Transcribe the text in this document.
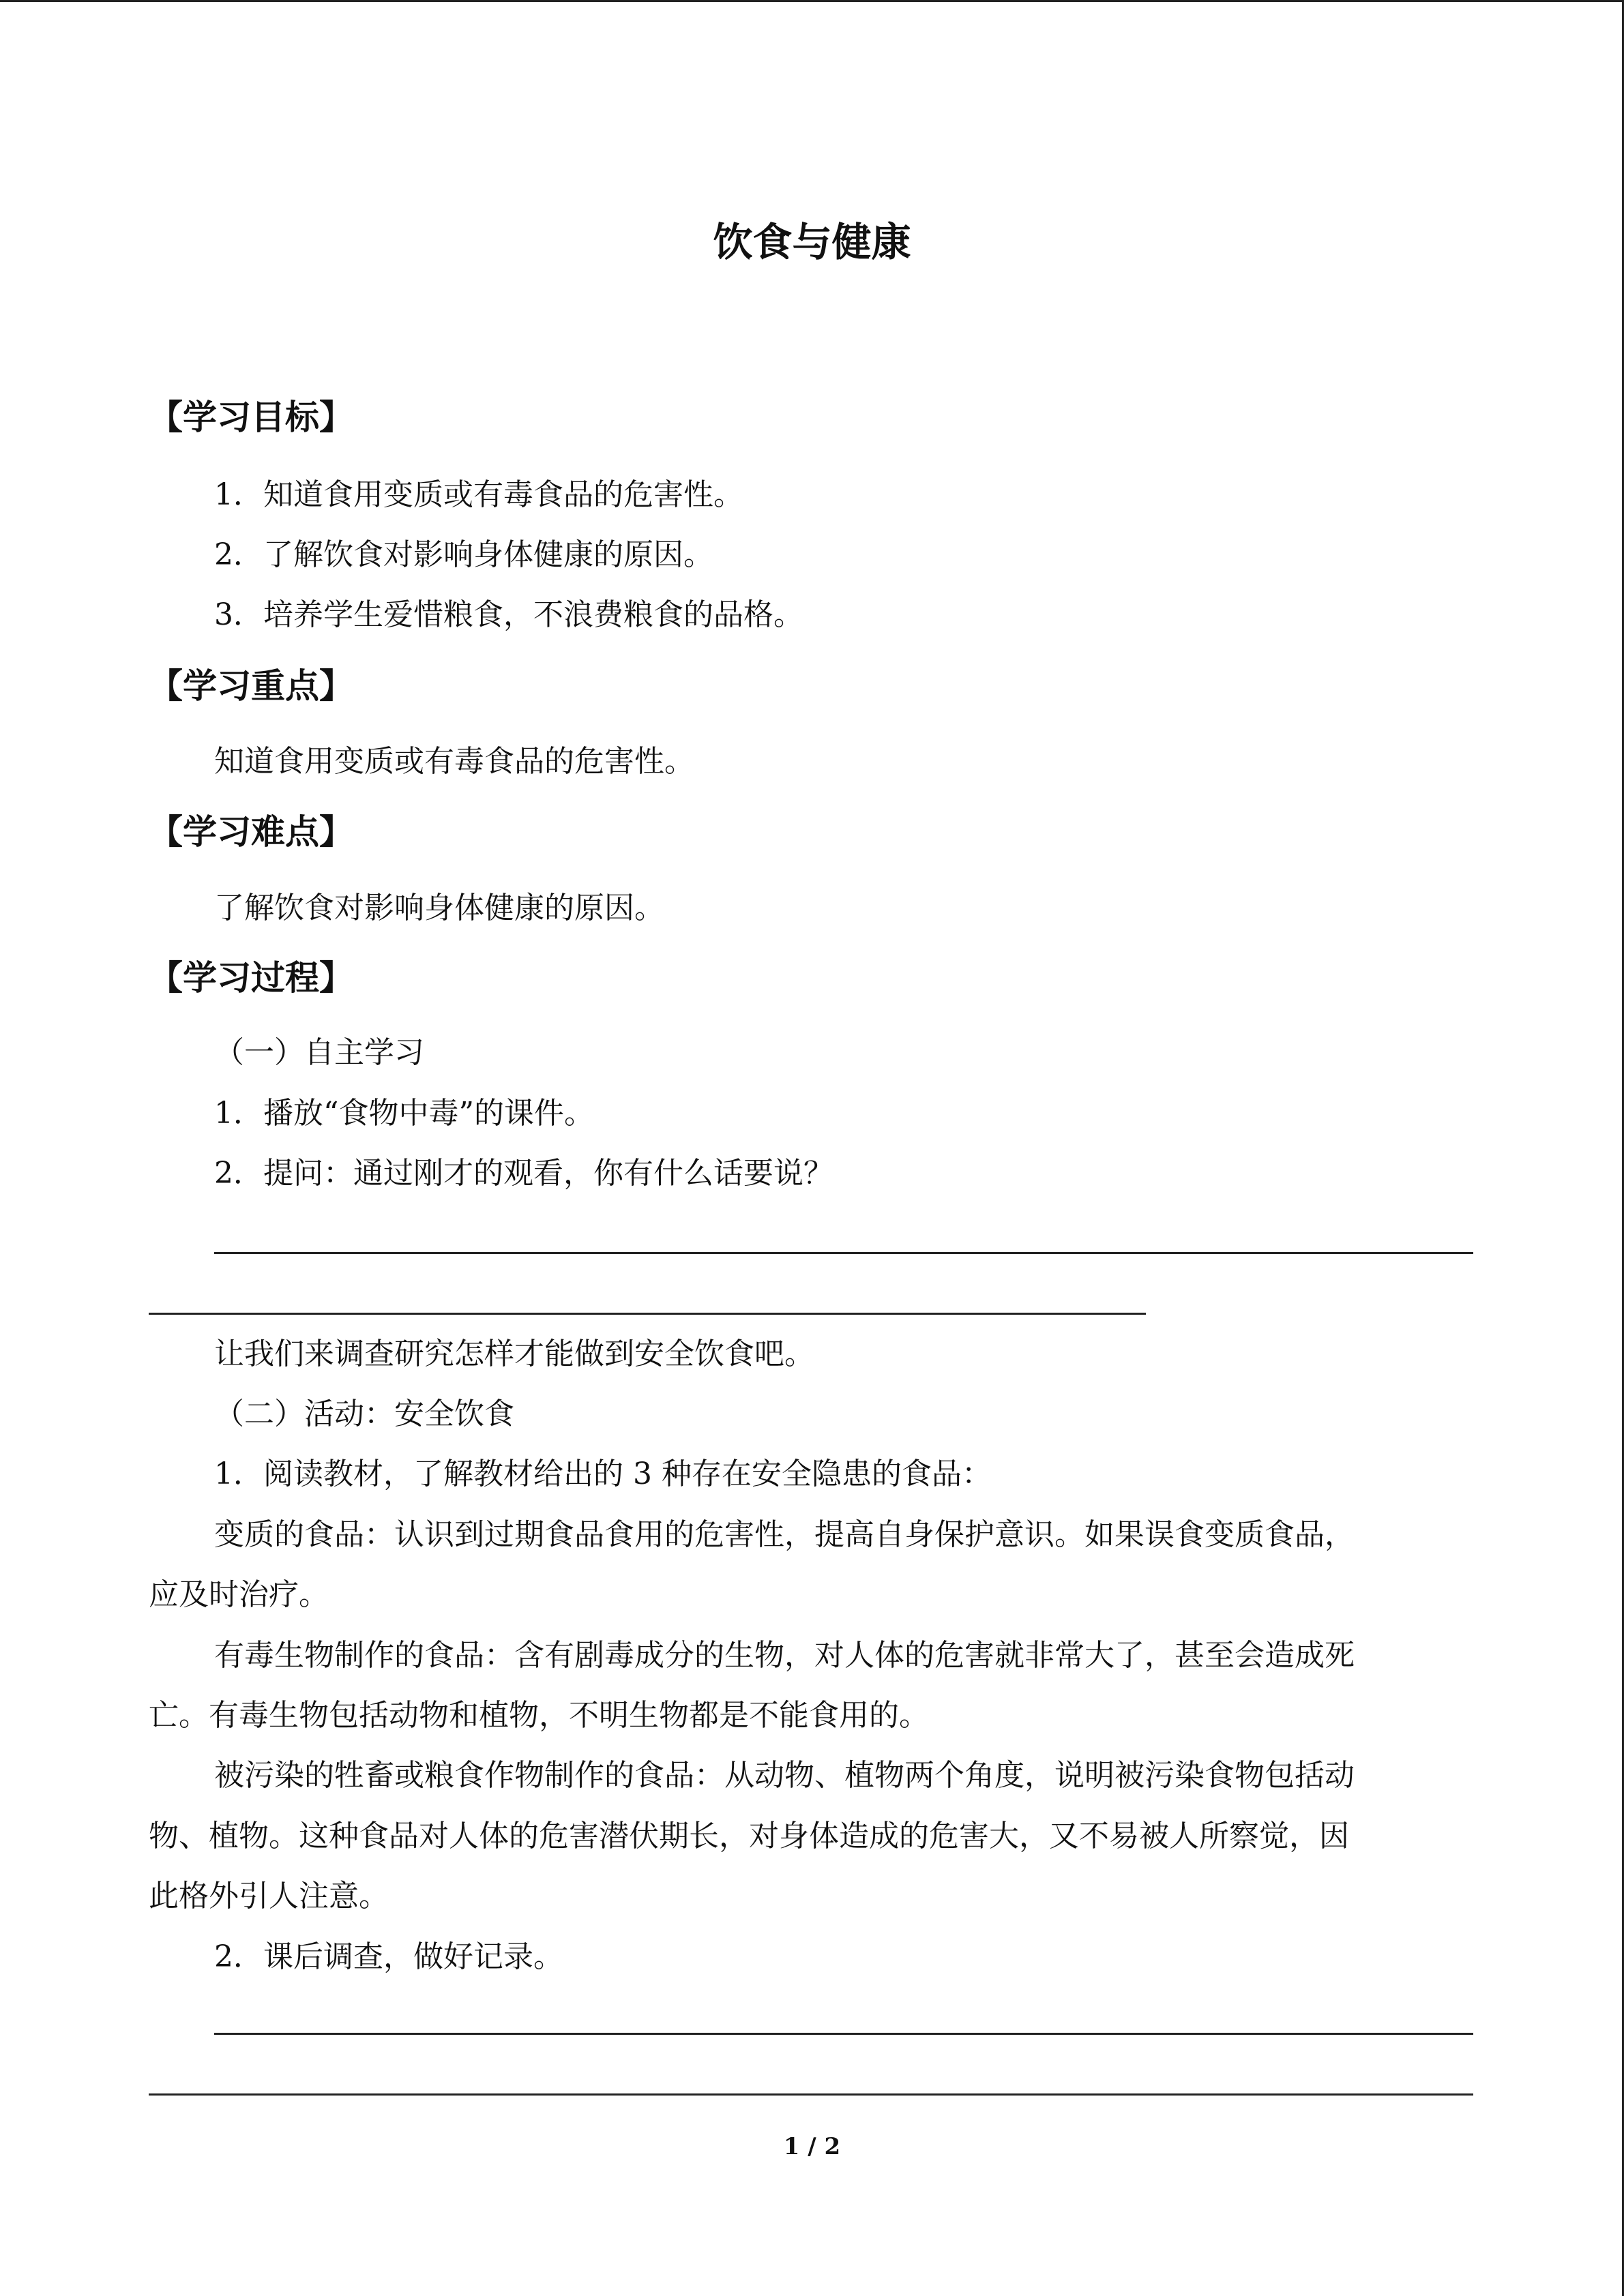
饮食与健康
【学习目标】
1．知道食用变质或有毒食品的危害性。
2．了解饮食对影响身体健康的原因。
3．培养学生爱惜粮食，不浪费粮食的品格。
【学习重点】
知道食用变质或有毒食品的危害性。
【学习难点】
了解饮食对影响身体健康的原因。
【学习过程】
（一）自主学习
1．播放“食物中毒”的课件。
2．提问：通过刚才的观看，你有什么话要说？
让我们来调查研究怎样才能做到安全饮食吧。
（二）活动：安全饮食
1．阅读教材，了解教材给出的 3 种存在安全隐患的食品：
变质的食品：认识到过期食品食用的危害性，提高自身保护意识。如果误食变质食品，
应及时治疗。
有毒生物制作的食品：含有剧毒成分的生物，对人体的危害就非常大了，甚至会造成死
亡。有毒生物包括动物和植物，不明生物都是不能食用的。
被污染的牲畜或粮食作物制作的食品：从动物、植物两个角度，说明被污染食物包括动
物、植物。这种食品对人体的危害潜伏期长，对身体造成的危害大，又不易被人所察觉，因
此格外引人注意。
2．课后调查，做好记录。
1 / 2
